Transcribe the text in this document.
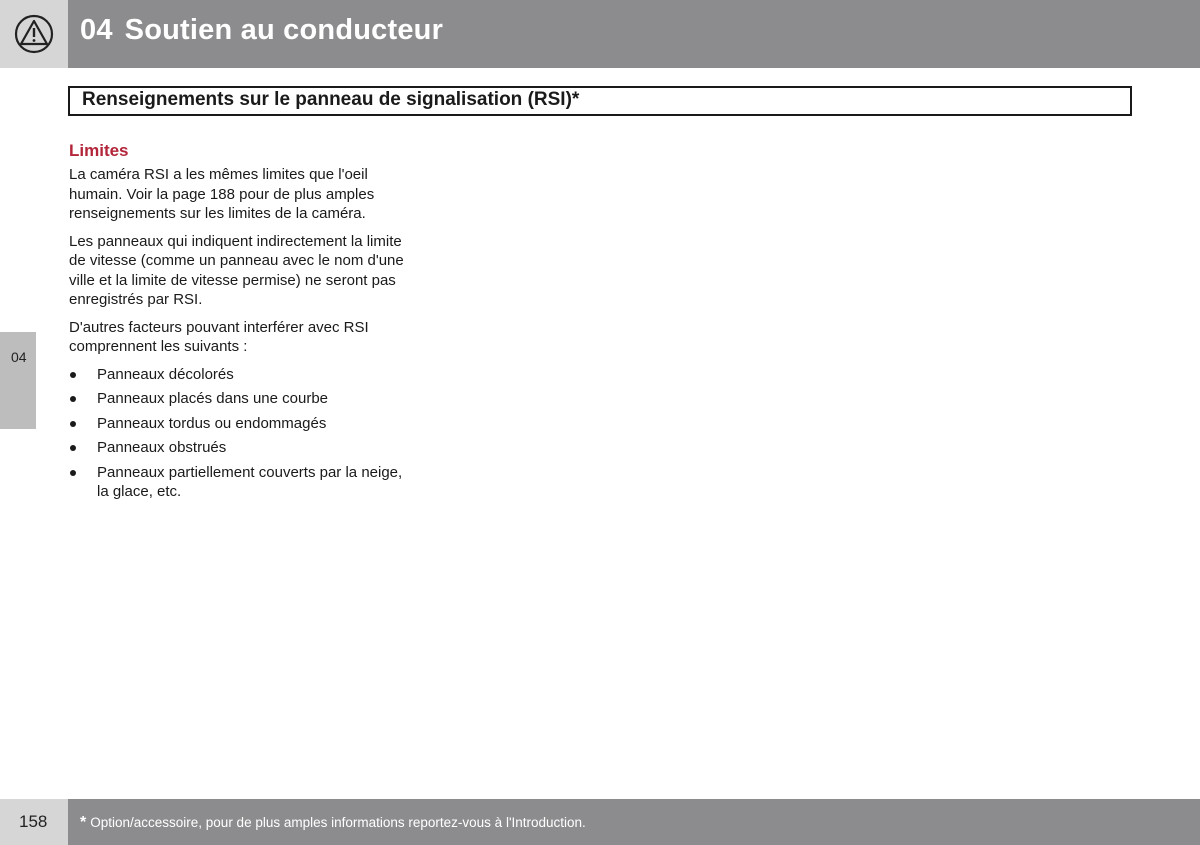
04 Soutien au conducteur
04
Renseignements sur le panneau de signalisation (RSI)*
Limites

La caméra RSI a les mêmes limites que l'oeil humain. Voir la page 188 pour de plus amples renseignements sur les limites de la caméra.

Les panneaux qui indiquent indirectement la limite de vitesse (comme un panneau avec le nom d'une ville et la limite de vitesse permise) ne seront pas enregistrés par RSI.

D'autres facteurs pouvant interférer avec RSI comprennent les suivants :

Panneaux décolorés
Panneaux placés dans une courbe
Panneaux tordus ou endommagés
Panneaux obstrués
Panneaux partiellement couverts par la neige, la glace, etc.
158 * Option/accessoire, pour de plus amples informations reportez-vous à l'Introduction.
